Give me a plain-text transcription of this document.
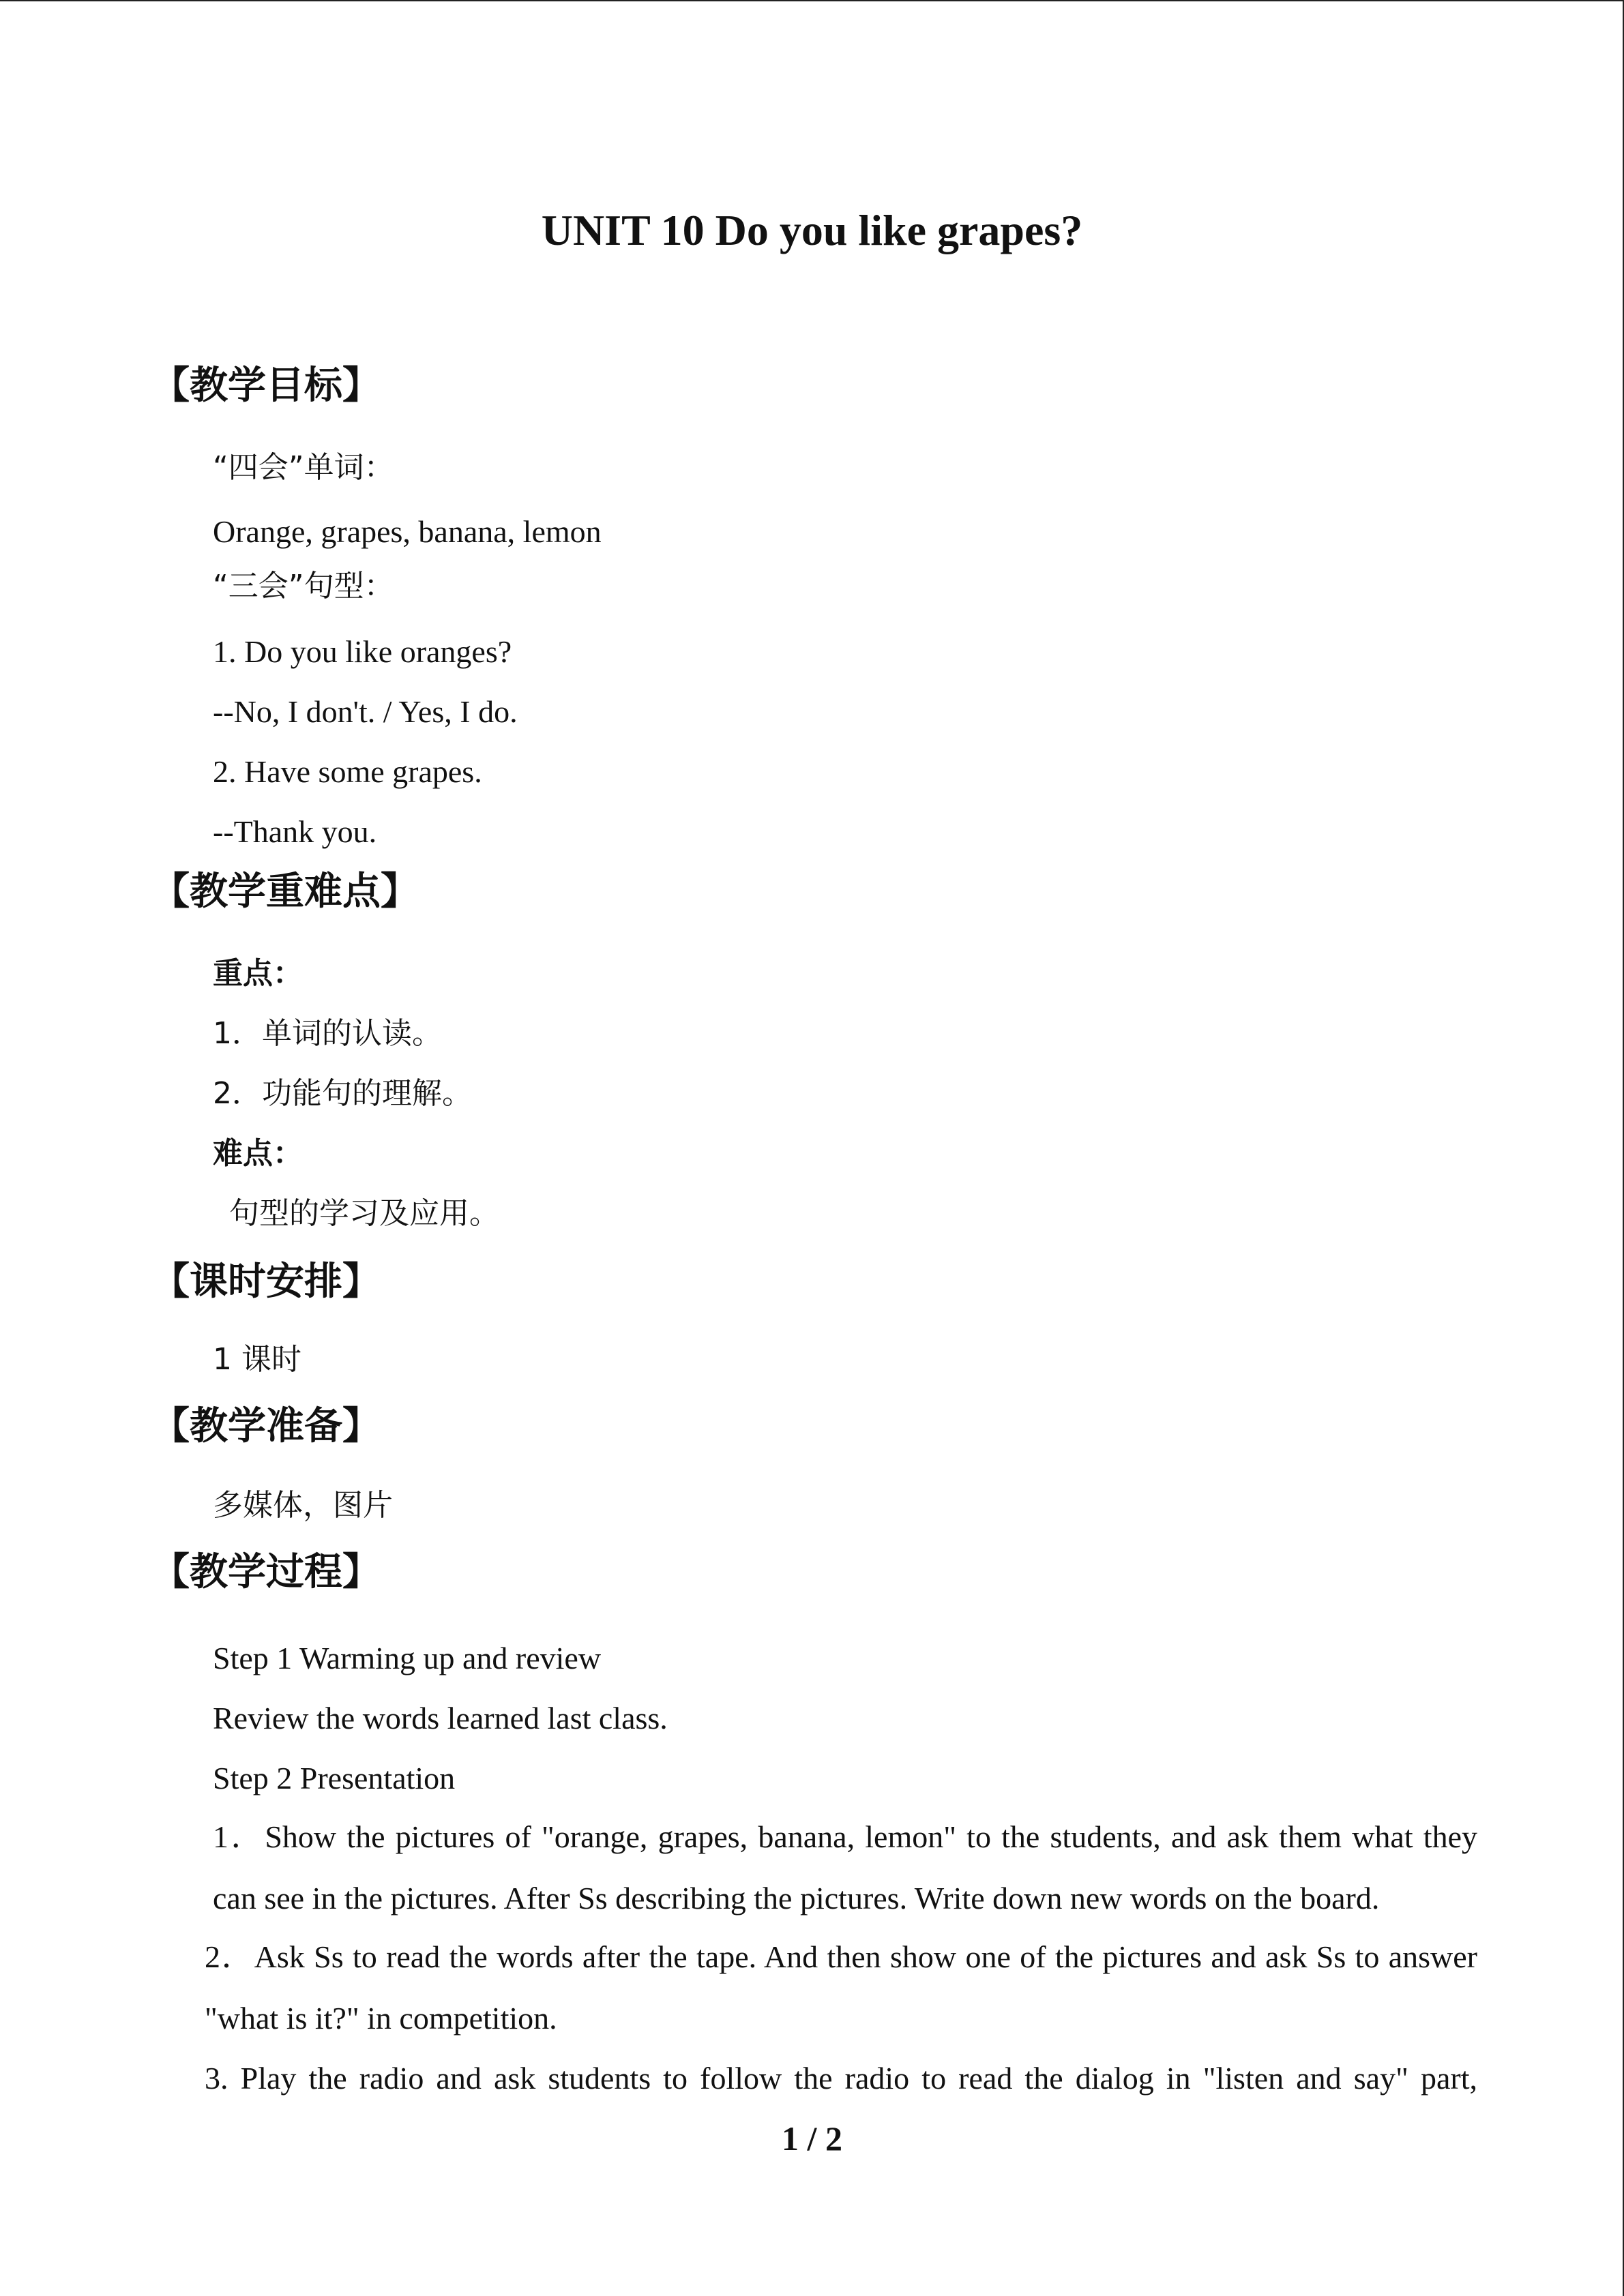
UNIT 10 Do you like grapes?
【教学目标】
“四会”单词：
Orange, grapes, banana, lemon
“三会”句型：
1. Do you like oranges?
--No, I don't. / Yes, I do.
2. Have some grapes.
--Thank you.
【教学重难点】
重点：
1．单词的认读。
2．功能句的理解。
难点：
句型的学习及应用。
【课时安排】
1 课时
【教学准备】
多媒体，图片
【教学过程】
Step 1 Warming up and review
Review the words learned last class.
Step 2 Presentation
1．Show the pictures of "orange, grapes, banana, lemon" to the students, and ask them what they
can see in the pictures. After Ss describing the pictures. Write down new words on the board.
2．Ask Ss to read the words after the tape. And then show one of the pictures and ask Ss to answer
"what is it?" in competition.
3. Play the radio and ask students to follow the radio to read the dialog in "listen and say" part,
1 / 2
